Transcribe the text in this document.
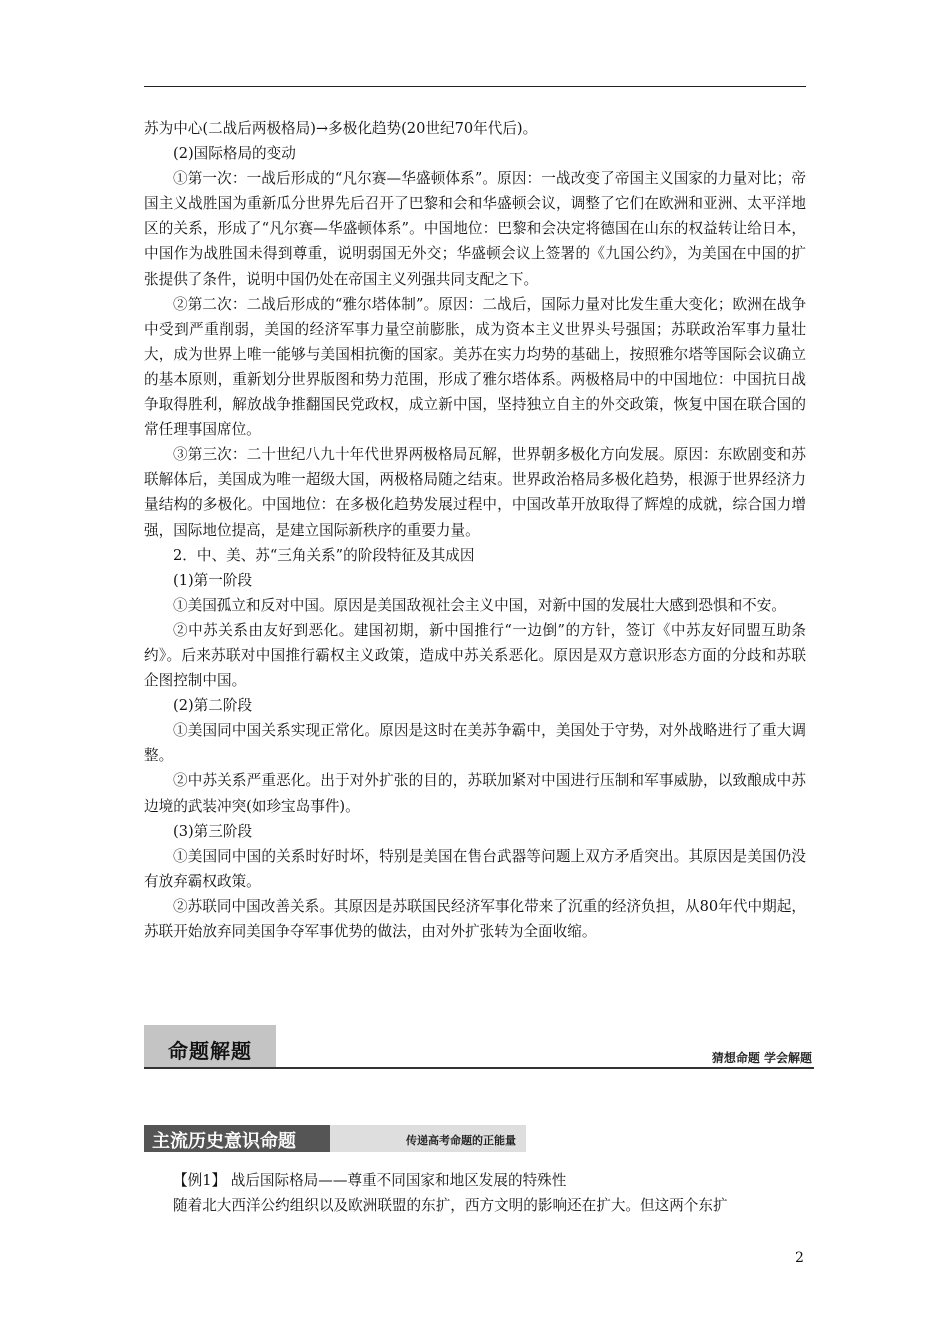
苏为中心(二战后两极格局)→多极化趋势(20世纪70年代后)。

(2)国际格局的变动

①第一次：一战后形成的“凡尔赛—华盛顿体系”。原因：一战改变了帝国主义国家的力量对比；帝国主义战胜国为重新瓜分世界先后召开了巴黎和会和华盛顿会议，调整了它们在欧洲和亚洲、太平洋地区的关系，形成了“凡尔赛—华盛顿体系”。中国地位：巴黎和会决定将德国在山东的权益转让给日本，中国作为战胜国未得到尊重，说明弱国无外交；华盛顿会议上签署的《九国公约》，为美国在中国的扩张提供了条件，说明中国仍处在帝国主义列强共同支配之下。

②第二次：二战后形成的“雅尔塔体制”。原因：二战后，国际力量对比发生重大变化；欧洲在战争中受到严重削弱，美国的经济军事力量空前膨胀，成为资本主义世界头号强国；苏联政治军事力量壮大，成为世界上唯一能够与美国相抗衡的国家。美苏在实力均势的基础上，按照雅尔塔等国际会议确立的基本原则，重新划分世界版图和势力范围，形成了雅尔塔体系。两极格局中的中国地位：中国抗日战争取得胜利，解放战争推翻国民党政权，成立新中国，坚持独立自主的外交政策，恢复中国在联合国的常任理事国席位。

③第三次：二十世纪八九十年代世界两极格局瓦解，世界朝多极化方向发展。原因：东欧剧变和苏联解体后，美国成为唯一超级大国，两极格局随之结束。世界政治格局多极化趋势，根源于世界经济力量结构的多极化。中国地位：在多极化趋势发展过程中，中国改革开放取得了辉煌的成就，综合国力增强，国际地位提高，是建立国际新秩序的重要力量。

2．中、美、苏“三角关系”的阶段特征及其成因

(1)第一阶段

①美国孤立和反对中国。原因是美国敌视社会主义中国，对新中国的发展壮大感到恐惧和不安。

②中苏关系由友好到恶化。建国初期，新中国推行“一边倒”的方针，签订《中苏友好同盟互助条约》。后来苏联对中国推行霸权主义政策，造成中苏关系恶化。原因是双方意识形态方面的分歧和苏联企图控制中国。

(2)第二阶段

①美国同中国关系实现正常化。原因是这时在美苏争霸中，美国处于守势，对外战略进行了重大调整。

②中苏关系严重恶化。出于对外扩张的目的，苏联加紧对中国进行压制和军事威胁，以致酿成中苏边境的武装冲突(如珍宝岛事件)。

(3)第三阶段

①美国同中国的关系时好时坏，特别是美国在售台武器等问题上双方矛盾突出。其原因是美国仍没有放弃霸权政策。

②苏联同中国改善关系。其原因是苏联国民经济军事化带来了沉重的经济负担，从80年代中期起，苏联开始放弃同美国争夺军事优势的做法，由对外扩张转为全面收缩。

命题解题	猜想命题 学会解题
主流历史意识命题	传递高考命题的正能量

【例1】 战后国际格局——尊重不同国家和地区发展的特殊性

随着北大西洋公约组织以及欧洲联盟的东扩，西方文明的影响还在扩大。但这两个东扩

2
